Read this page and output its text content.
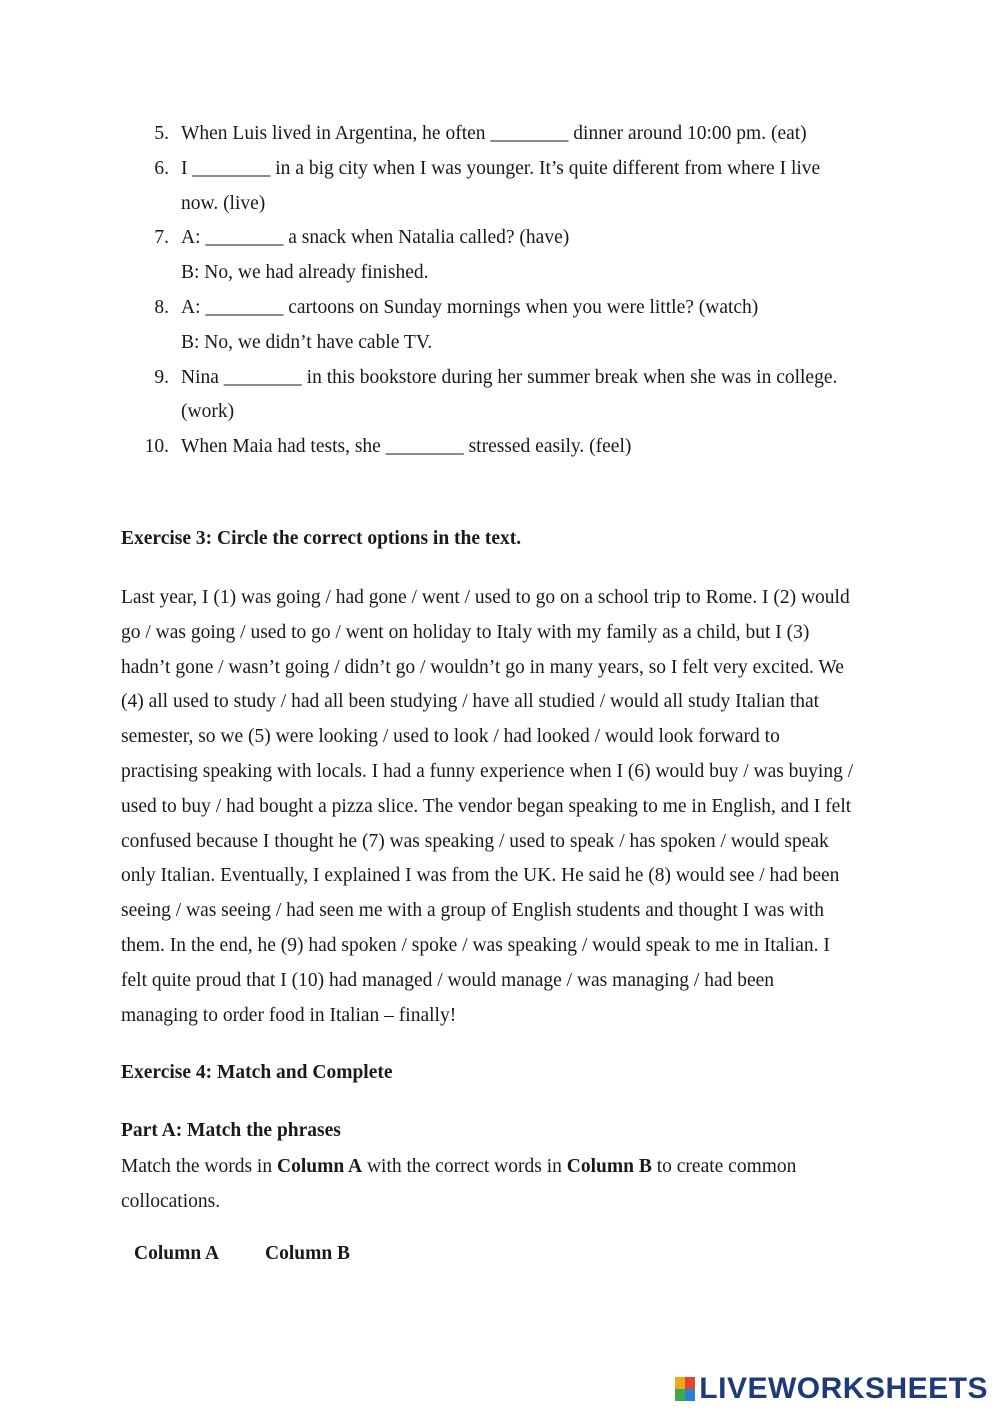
5. When Luis lived in Argentina, he often ________ dinner around 10:00 pm. (eat)
6. I ________ in a big city when I was younger. It’s quite different from where I live
now. (live)
7. A: ________ a snack when Natalia called? (have)
B: No, we had already finished.
8. A: ________ cartoons on Sunday mornings when you were little? (watch)
B: No, we didn’t have cable TV.
9. Nina ________ in this bookstore during her summer break when she was in college.
(work)
10. When Maia had tests, she ________ stressed easily. (feel)
Exercise 3: Circle the correct options in the text.

Last year, I (1) was going / had gone / went / used to go on a school trip to Rome. I (2) would

go / was going / used to go / went on holiday to Italy with my family as a child, but I (3)

hadn’t gone / wasn’t going / didn’t go / wouldn’t go in many years, so I felt very excited. We

(4) all used to study / had all been studying / have all studied / would all study Italian that

semester, so we (5) were looking / used to look / had looked / would look forward to

practising speaking with locals. I had a funny experience when I (6) would buy / was buying /

used to buy / had bought a pizza slice. The vendor began speaking to me in English, and I felt

confused because I thought he (7) was speaking / used to speak / has spoken / would speak

only Italian. Eventually, I explained I was from the UK. He said he (8) would see / had been

seeing / was seeing / had seen me with a group of English students and thought I was with

them. In the end, he (9) had spoken / spoke / was speaking / would speak to me in Italian. I

felt quite proud that I (10) had managed / would manage / was managing / had been

managing to order food in Italian – finally!

Exercise 4: Match and Complete
Part A: Match the phrases

Match the words in Column A with the correct words in Column B to create common

collocations.

Column A Column B
LIVEWORKSHEETS
